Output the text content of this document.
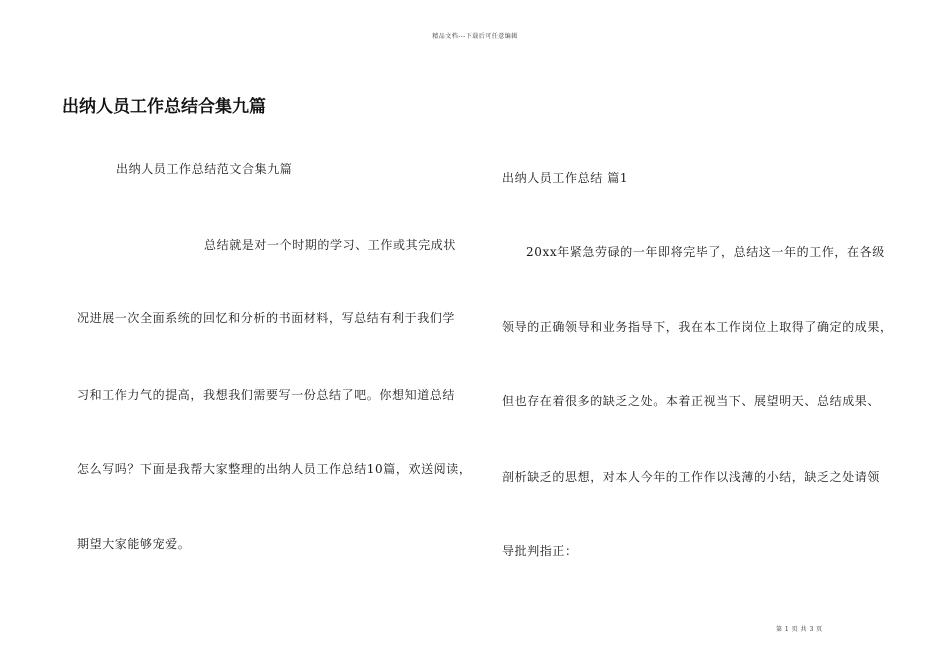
精品文档---下载后可任意编辑
出纳人员工作总结合集九篇
出纳人员工作总结范文合集九篇
总结就是对一个时期的学习、工作或其完成状
况进展一次全面系统的回忆和分析的书面材料，写总结有利于我们学
习和工作力气的提高，我想我们需要写一份总结了吧。你想知道总结
怎么写吗？下面是我帮大家整理的出纳人员工作总结10篇，欢送阅读，
期望大家能够宠爱。
出纳人员工作总结 篇1
20xx年紧急劳碌的一年即将完毕了，总结这一年的工作，在各级
领导的正确领导和业务指导下，我在本工作岗位上取得了确定的成果，
但也存在着很多的缺乏之处。本着正视当下、展望明天、总结成果、
剖析缺乏的思想，对本人今年的工作作以浅薄的小结，缺乏之处请领
导批判指正：
第 1 页 共 3 页
